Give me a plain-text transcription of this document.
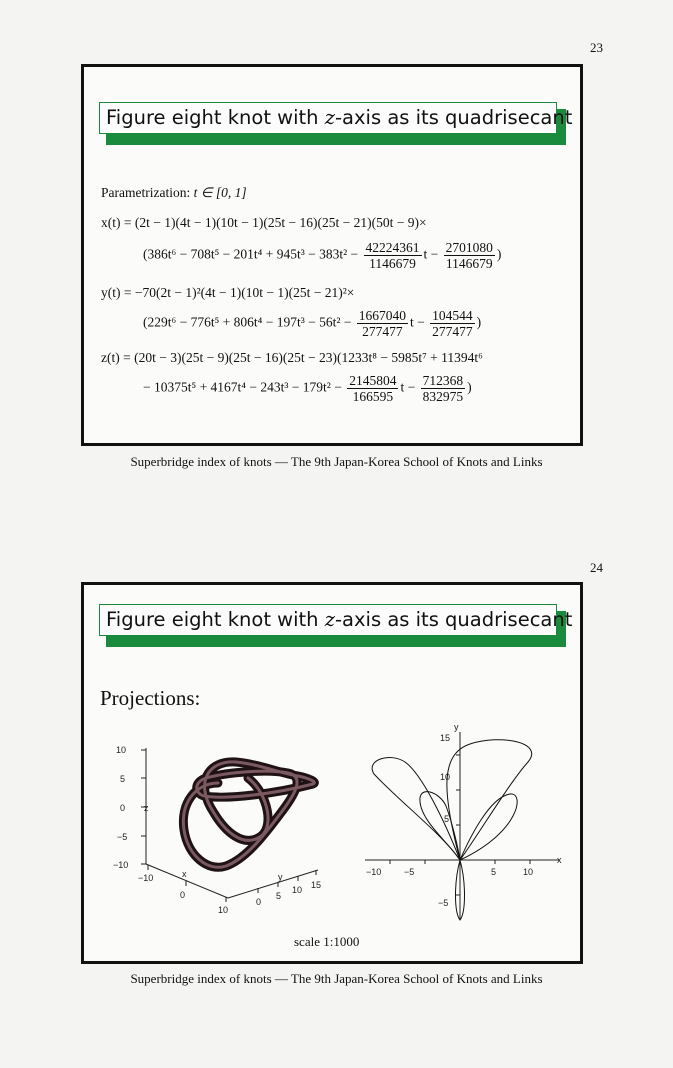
23
Figure eight knot with z-axis as its quadrisecant
Parametrization: t ∈ [0, 1]
x(t) = (2t − 1)(4t − 1)(10t − 1)(25t − 16)(25t − 21)(50t − 9)×
($386t^6 - 708t^5 - 201t^4 + 945t^3 - 383t^2 - \frac{42224361}{1146679}$ $t - \frac{2701080}{1146679}$ )
y(t) = −70(2t − 1)²(4t − 1)(10t − 1)(25t − 21)²×
($229t^6 - 776t^5 + 806t^4 - 197t^3 - 56t^2 - \frac{1667040}{277477}$ $t - \frac{104544}{277477}$ )
z(t) = (20t − 3)(25t − 9)(25t − 16)(25t − 23)(1233t⁸ − 5985t⁷ + 11394t⁶
− $10375t^5 + 4167t^4 - 243t^3 - 179t^2 - \frac{2145804}{166595}$ $t - \frac{712368}{832975}$ )
Superbridge index of knots — The 9th Japan-Korea School of Knots and Links
24
Figure eight knot with z-axis as its quadrisecant
Projections:
10
5
0
−5
−10
z
x
−10
0
10
y
0
5
10 15
y
x
15
10
5
−5
−10	−5	5	10
scale 1:1000
Superbridge index of knots — The 9th Japan-Korea School of Knots and Links
